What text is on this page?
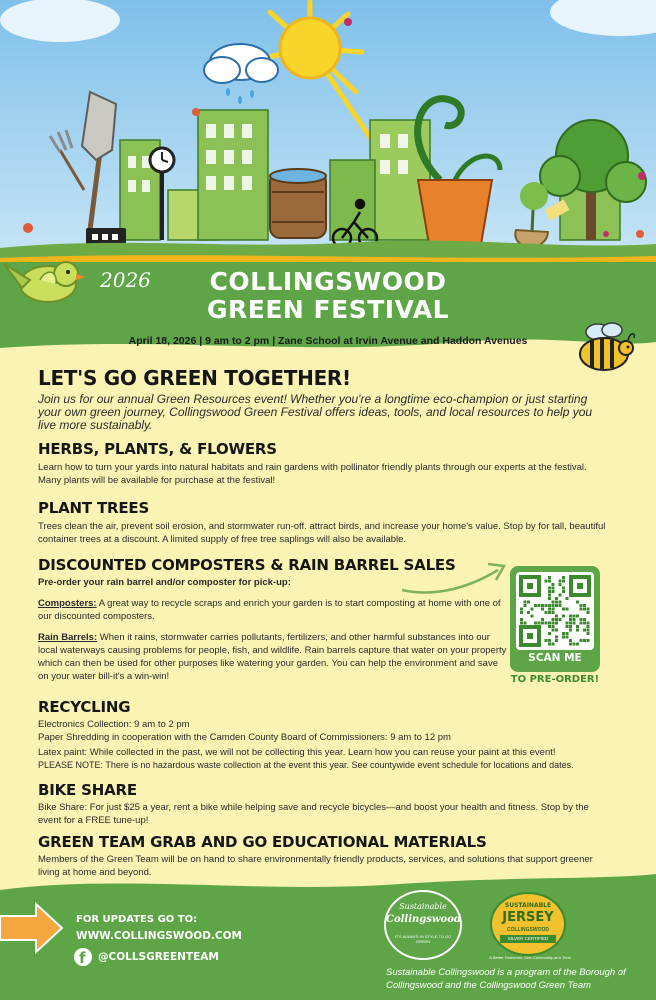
2026	COLLINGSWOOD
GREEN FESTIVAL
April 18, 2026 | 9 am to 2 pm | Zane School at Irvin Avenue and Haddon Avenues
LET'S GO GREEN TOGETHER!

Join us for our annual Green Resources event! Whether you're a longtime eco-champion or just starting your own green journey, Collingswood Green Festival offers ideas, tools, and local resources to help you live more sustainably.

HERBS, PLANTS, & FLOWERS

Learn how to turn your yards into natural habitats and rain gardens with pollinator friendly plants through our experts at the festival. Many plants will be available for purchase at the festival!

PLANT TREES

Trees clean the air, prevent soil erosion, and stormwater run-off. attract birds, and increase your home's value. Stop by for tall, beautiful container trees at a discount. A limited supply of free tree saplings will also be available.

DISCOUNTED COMPOSTERS & RAIN BARREL SALES

Pre-order your rain barrel and/or composter for pick-up:

Composters: A great way to recycle scraps and enrich your garden is to start composting at home with one of our discounted composters.

Rain Barrels: When it rains, stormwater carries pollutants, fertilizers, and other harmful substances into our local waterways causing problems for people, fish, and wildlife. Rain barrels capture that water on your property which can then be used for other purposes like watering your garden. You can help the environment and save on your water bill-it's a win-win!

SCAN ME
TO PRE-ORDER!
RECYCLING

Electronics Collection: 9 am to 2 pm

Paper Shredding in cooperation with the Camden County Board of Commissioners: 9 am to 12 pm

Latex paint: While collected in the past, we will not be collecting this year. Learn how you can reuse your paint at this event!

PLEASE NOTE: There is no hazardous waste collection at the event this year. See countywide event schedule for locations and dates.

BIKE SHARE

Bike Share: For just $25 a year, rent a bike while helping save and recycle bicycles—and boost your health and fitness. Stop by the event for a FREE tune-up!

GREEN TEAM GRAB AND GO EDUCATIONAL MATERIALS

Members of the Green Team will be on hand to share environmentally friendly products, services, and solutions that support greener living at home and beyond.

FOR UPDATES GO TO:
WWW.COLLINGSWOOD.COM
f @COLLSGREENTEAM
Sustainable
Collingswood
IT'S ALWAYS IN STYLE TO GO GREEN
SUSTAINABLE
JERSEY
COLLINGSWOOD
SILVER CERTIFIED
A Better Tomorrow, One Community at a Time
Sustainable Collingswood is a program of the Borough of Collingswood and the Collingswood Green Team
